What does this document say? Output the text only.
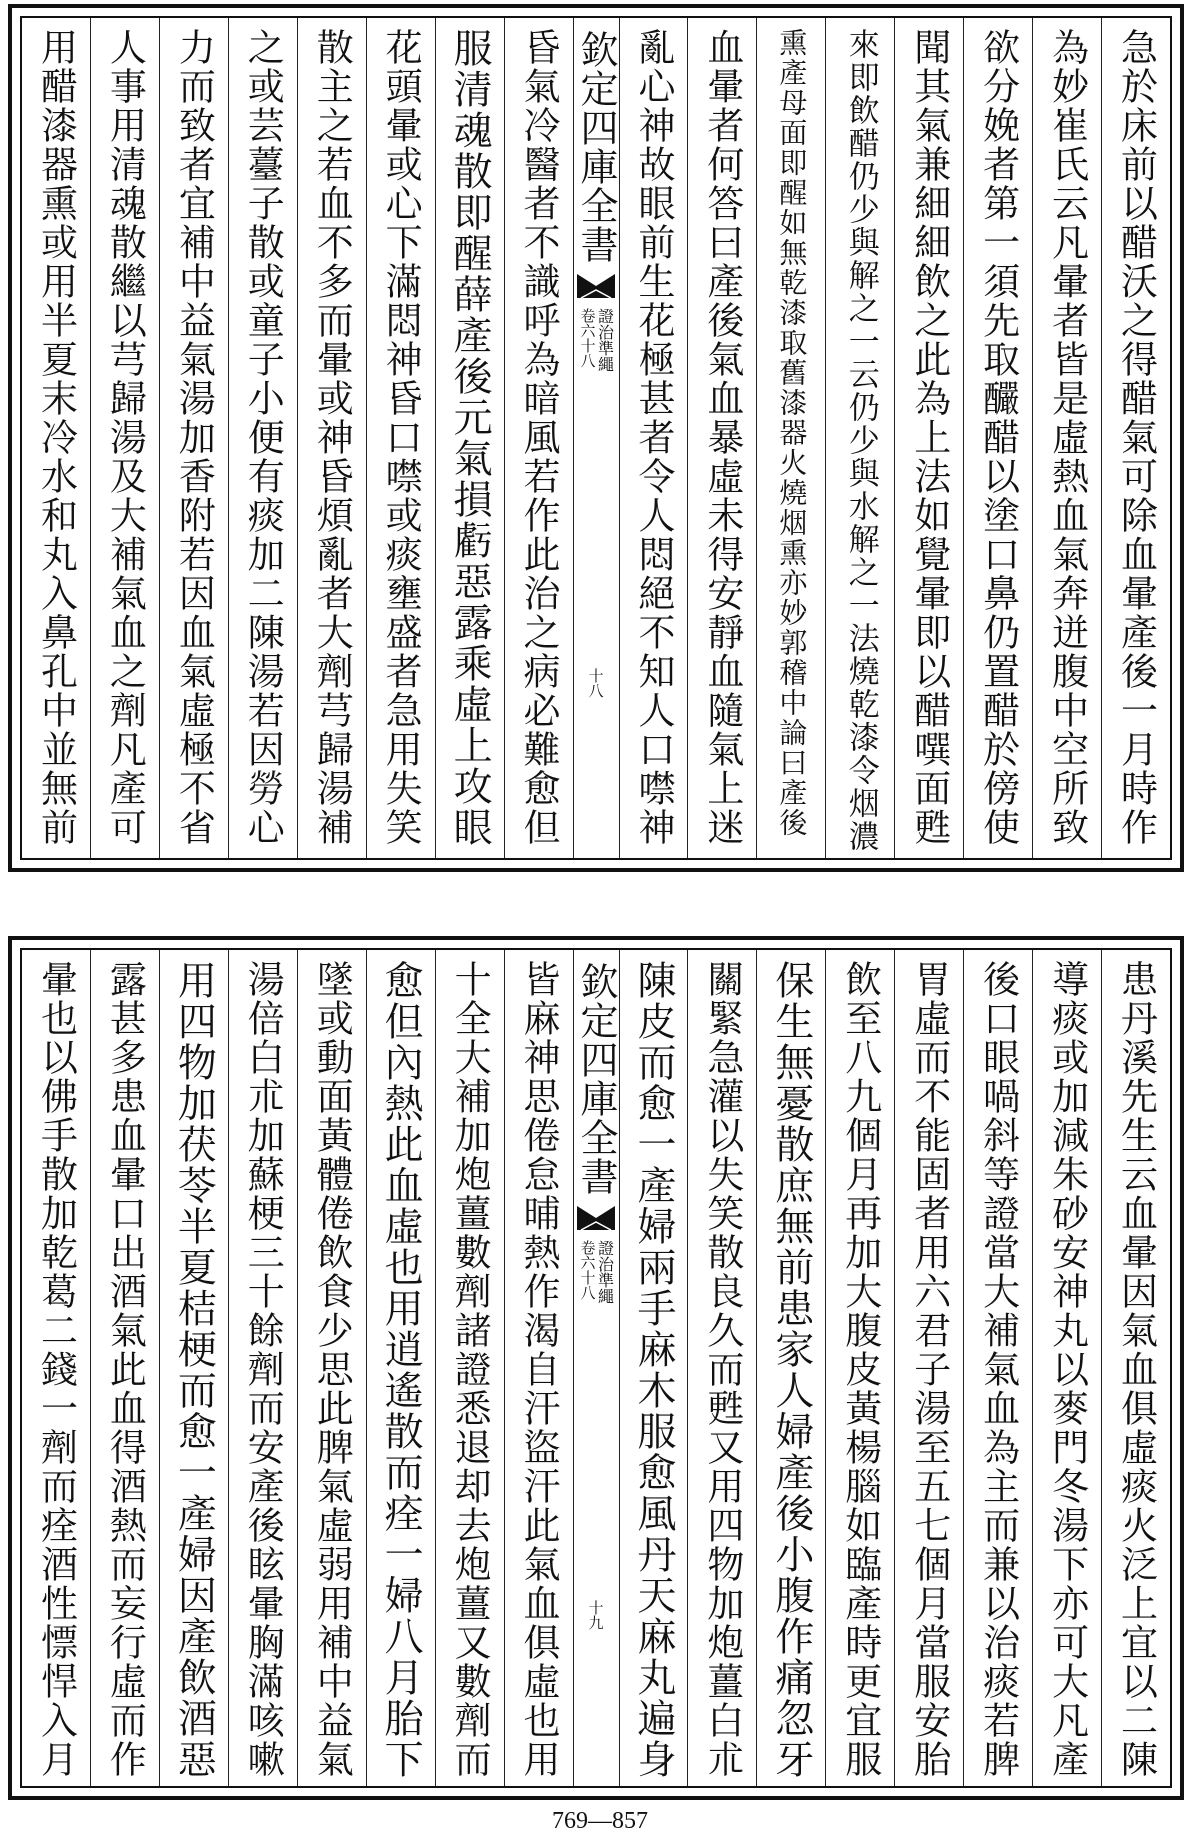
急於床前以醋沃之得醋氣可除血暈產後一月時作
為妙崔氏云凡暈者皆是虛熱血氣奔迸腹中空所致
欲分娩者第一須先取釅醋以塗口鼻仍置醋於傍使
聞其氣兼細細飲之此為上法如覺暈即以醋噀面甦
來即飲醋仍少與解之一云仍少與水解之一法燒乾漆令烟濃
熏產母面即醒如無乾漆取舊漆器火燒烟熏亦妙郭稽中論曰產後
血暈者何答曰產後氣血暴虛未得安靜血隨氣上迷
亂心神故眼前生花極甚者令人悶絕不知人口噤神
欽定四庫全書
證治準繩
卷六十八
十八
昏氣冷醫者不識呼為暗風若作此治之病必難愈但
服清魂散即醒薛產後元氣損虧惡露乘虛上攻眼
花頭暈或心下滿悶神昏口噤或痰壅盛者急用失笑
散主之若血不多而暈或神昏煩亂者大劑芎歸湯補
之或芸薹子散或童子小便有痰加二陳湯若因勞心
力而致者宜補中益氣湯加香附若因血氣虛極不省
人事用清魂散繼以芎歸湯及大補氣血之劑凡產可
用醋漆器熏或用半夏末冷水和丸入鼻孔中並無前
患丹溪先生云血暈因氣血俱虛痰火泛上宜以二陳
導痰或加減朱砂安神丸以麥門冬湯下亦可大凡產
後口眼喎斜等證當大補氣血為主而兼以治痰若脾
胃虛而不能固者用六君子湯至五七個月當服安胎
飲至八九個月再加大腹皮黃楊腦如臨產時更宜服
保生無憂散庶無前患家人婦產後小腹作痛忽牙
關緊急灌以失笑散良久而甦又用四物加炮薑白朮
陳皮而愈一產婦兩手麻木服愈風丹天麻丸遍身
欽定四庫全書
證治準繩
卷六十八
十九
皆麻神思倦怠晡熱作渴自汗盜汗此氣血俱虛也用
十全大補加炮薑數劑諸證悉退却去炮薑又數劑而
愈但內熱此血虛也用逍遙散而痊一婦八月胎下
墜或動面黃體倦飲食少思此脾氣虛弱用補中益氣
湯倍白朮加蘇梗三十餘劑而安產後眩暈胸滿咳嗽
用四物加茯苓半夏桔梗而愈一產婦因產飲酒惡
露甚多患血暈口出酒氣此血得酒熱而妄行虛而作
暈也以佛手散加乾葛二錢一劑而痊酒性慓悍入月
769—857
